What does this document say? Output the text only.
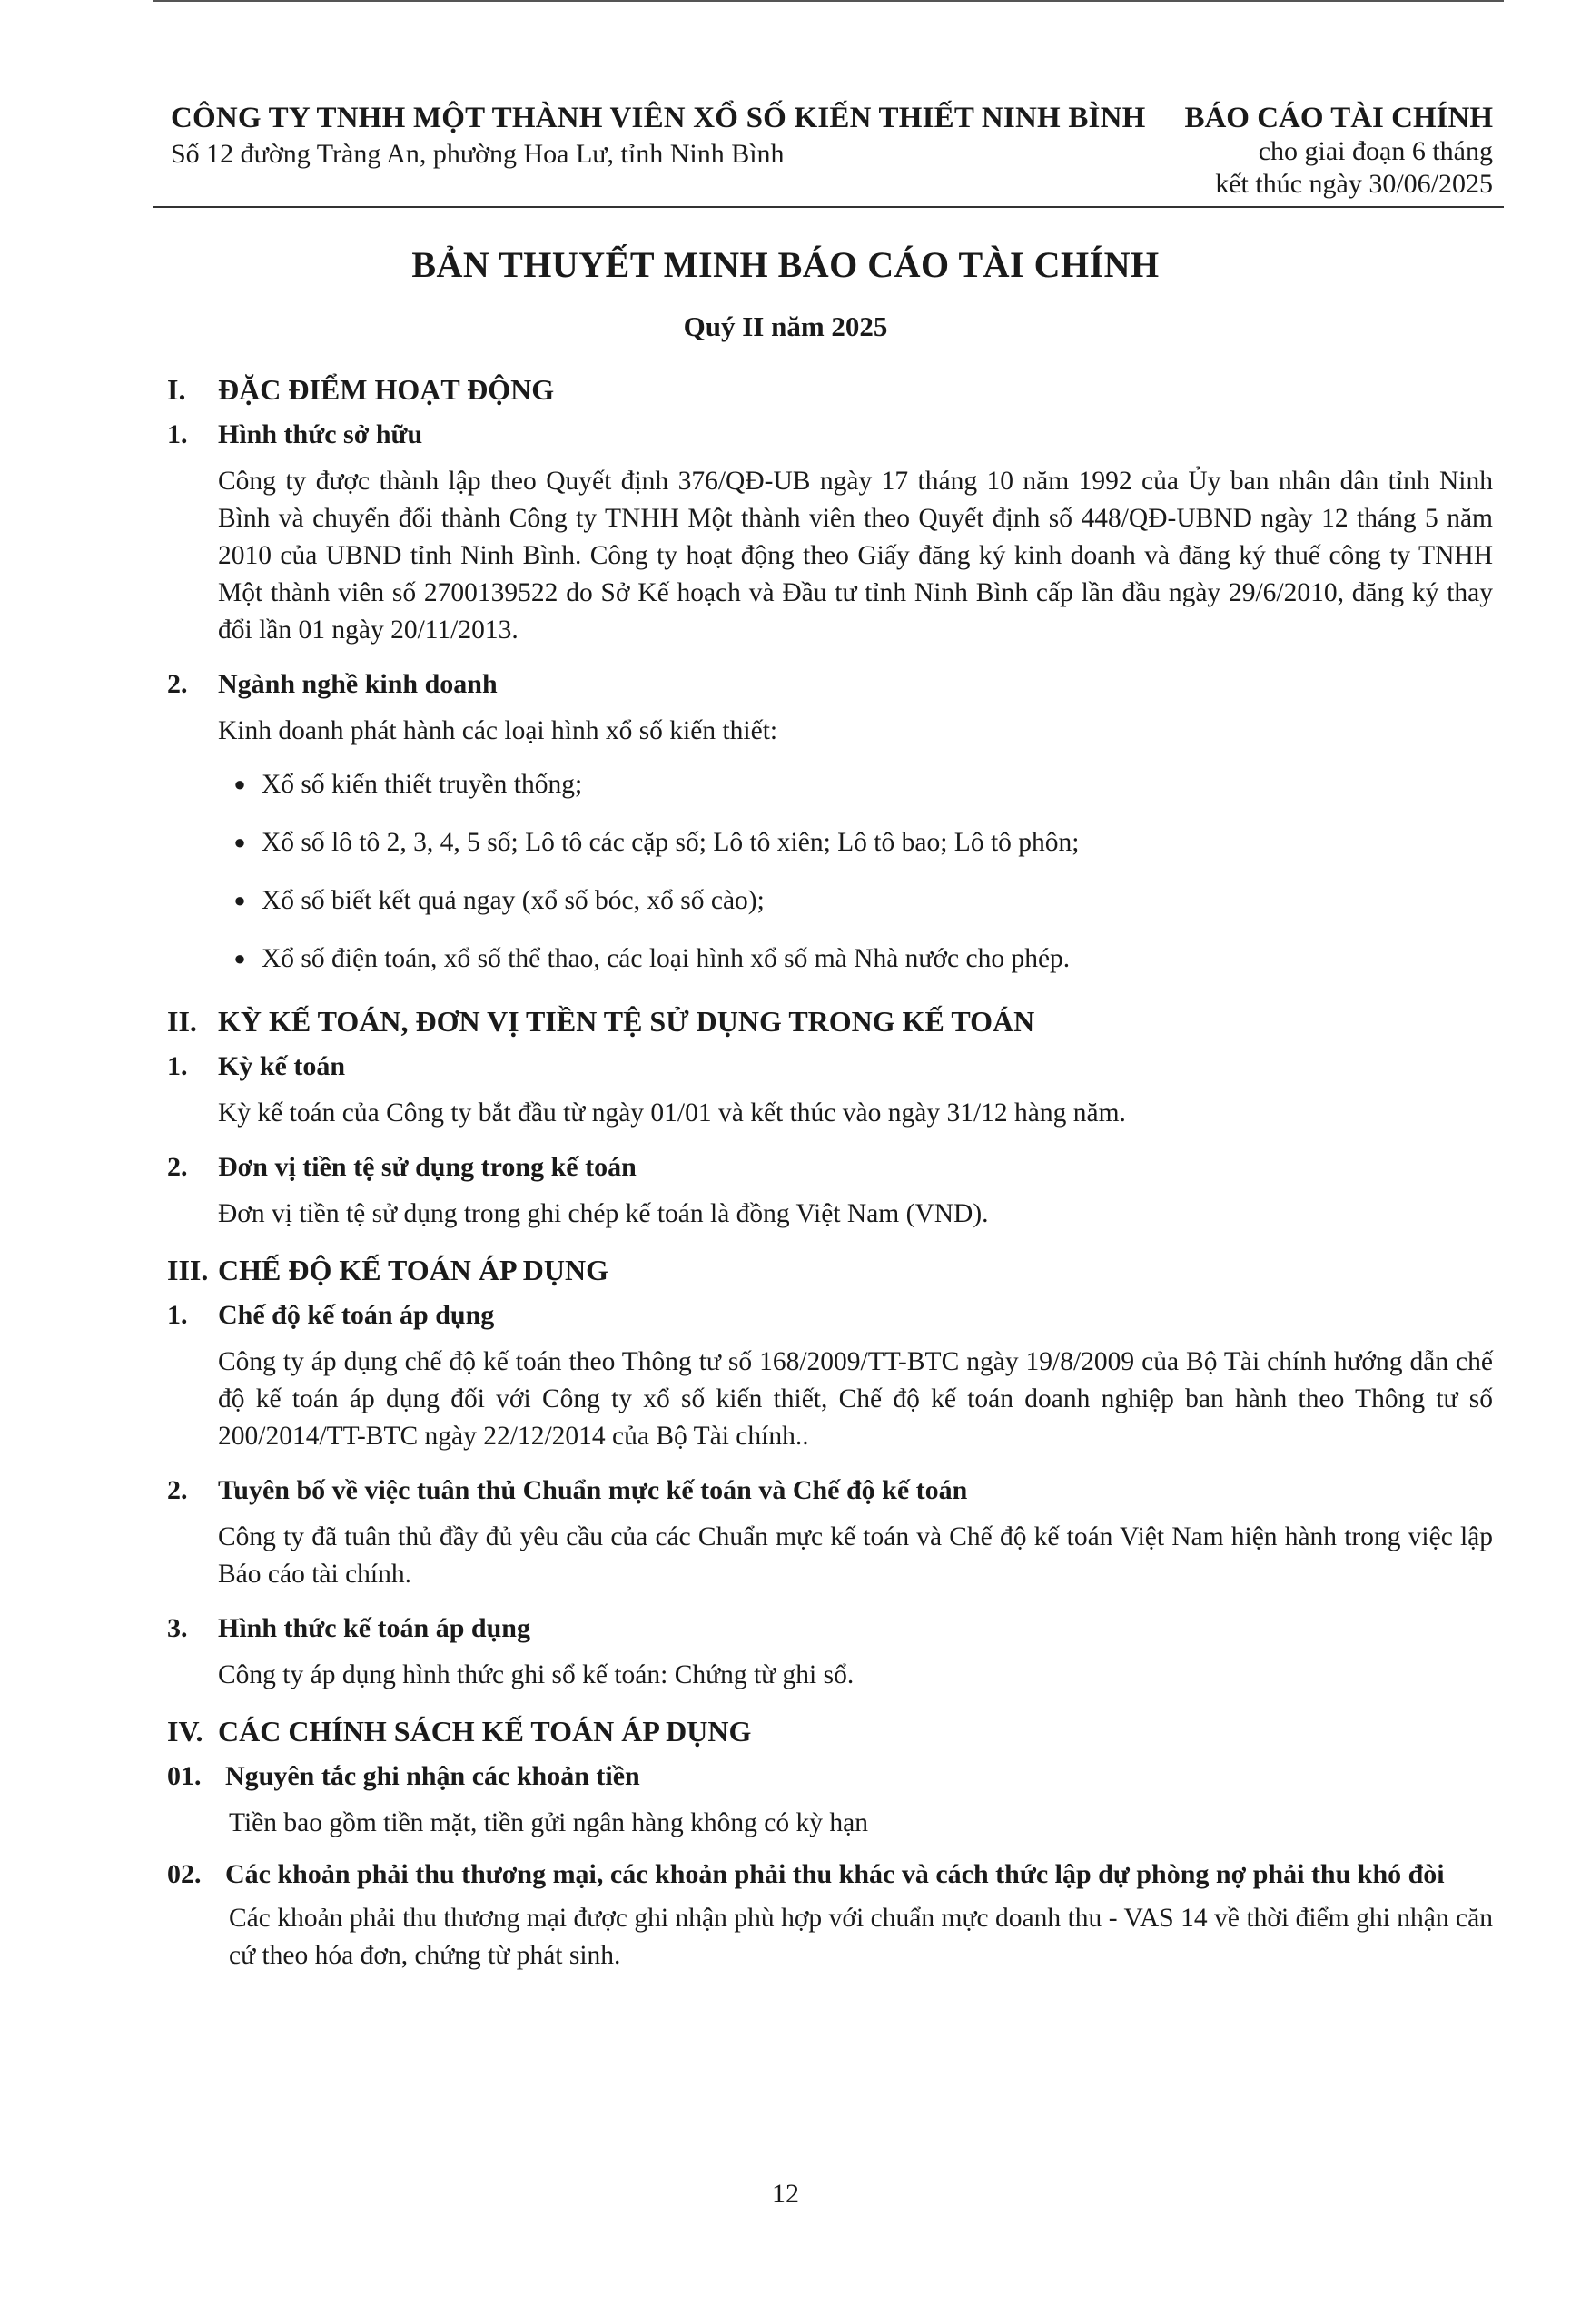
CÔNG TY TNHH MỘT THÀNH VIÊN XỔ SỐ KIẾN THIẾT NINH BÌNH
Số 12 đường Tràng An, phường Hoa Lư, tỉnh Ninh Bình
BÁO CÁO TÀI CHÍNH
cho giai đoạn 6 tháng
kết thúc ngày 30/06/2025
BẢN THUYẾT MINH BÁO CÁO TÀI CHÍNH
Quý II năm 2025
I.	ĐẶC ĐIỂM HOẠT ĐỘNG
1.	Hình thức sở hữu
Công ty được thành lập theo Quyết định 376/QĐ-UB ngày 17 tháng 10 năm 1992 của Ủy ban nhân dân tỉnh Ninh Bình và chuyển đổi thành Công ty TNHH Một thành viên theo Quyết định số 448/QĐ-UBND ngày 12 tháng 5 năm 2010 của UBND tỉnh Ninh Bình. Công ty hoạt động theo Giấy đăng ký kinh doanh và đăng ký thuế công ty TNHH Một thành viên số 2700139522 do Sở Kế hoạch và Đầu tư tỉnh Ninh Bình cấp lần đầu ngày 29/6/2010, đăng ký thay đổi lần 01 ngày 20/11/2013.
2.	Ngành nghề kinh doanh
Kinh doanh phát hành các loại hình xổ số kiến thiết:
● Xổ số kiến thiết truyền thống;
● Xổ số lô tô 2, 3, 4, 5 số; Lô tô các cặp số; Lô tô xiên; Lô tô bao; Lô tô phôn;
● Xổ số biết kết quả ngay (xổ số bóc, xổ số cào);
● Xổ số điện toán, xổ số thể thao, các loại hình xổ số mà Nhà nước cho phép.
II. KỲ KẾ TOÁN, ĐƠN VỊ TIỀN TỆ SỬ DỤNG TRONG KẾ TOÁN
1.	Kỳ kế toán
Kỳ kế toán của Công ty bắt đầu từ ngày 01/01 và kết thúc vào ngày 31/12 hàng năm.
2.	Đơn vị tiền tệ sử dụng trong kế toán
Đơn vị tiền tệ sử dụng trong ghi chép kế toán là đồng Việt Nam (VND).
III. CHẾ ĐỘ KẾ TOÁN ÁP DỤNG
1.	Chế độ kế toán áp dụng
Công ty áp dụng chế độ kế toán theo Thông tư số 168/2009/TT-BTC ngày 19/8/2009 của Bộ Tài chính hướng dẫn chế độ kế toán áp dụng đối với Công ty xổ số kiến thiết, Chế độ kế toán doanh nghiệp ban hành theo Thông tư số 200/2014/TT-BTC ngày 22/12/2014 của Bộ Tài chính..
2.	Tuyên bố về việc tuân thủ Chuẩn mực kế toán và Chế độ kế toán
Công ty đã tuân thủ đầy đủ yêu cầu của các Chuẩn mực kế toán và Chế độ kế toán Việt Nam hiện hành trong việc lập Báo cáo tài chính.
3.	Hình thức kế toán áp dụng
Công ty áp dụng hình thức ghi sổ kế toán: Chứng từ ghi sổ.
IV. CÁC CHÍNH SÁCH KẾ TOÁN ÁP DỤNG
01. Nguyên tắc ghi nhận các khoản tiền
Tiền bao gồm tiền mặt, tiền gửi ngân hàng không có kỳ hạn
02. Các khoản phải thu thương mại, các khoản phải thu khác và cách thức lập dự phòng nợ phải thu khó đòi
Các khoản phải thu thương mại được ghi nhận phù hợp với chuẩn mực doanh thu - VAS 14 về thời điểm ghi nhận căn cứ theo hóa đơn, chứng từ phát sinh.
12
